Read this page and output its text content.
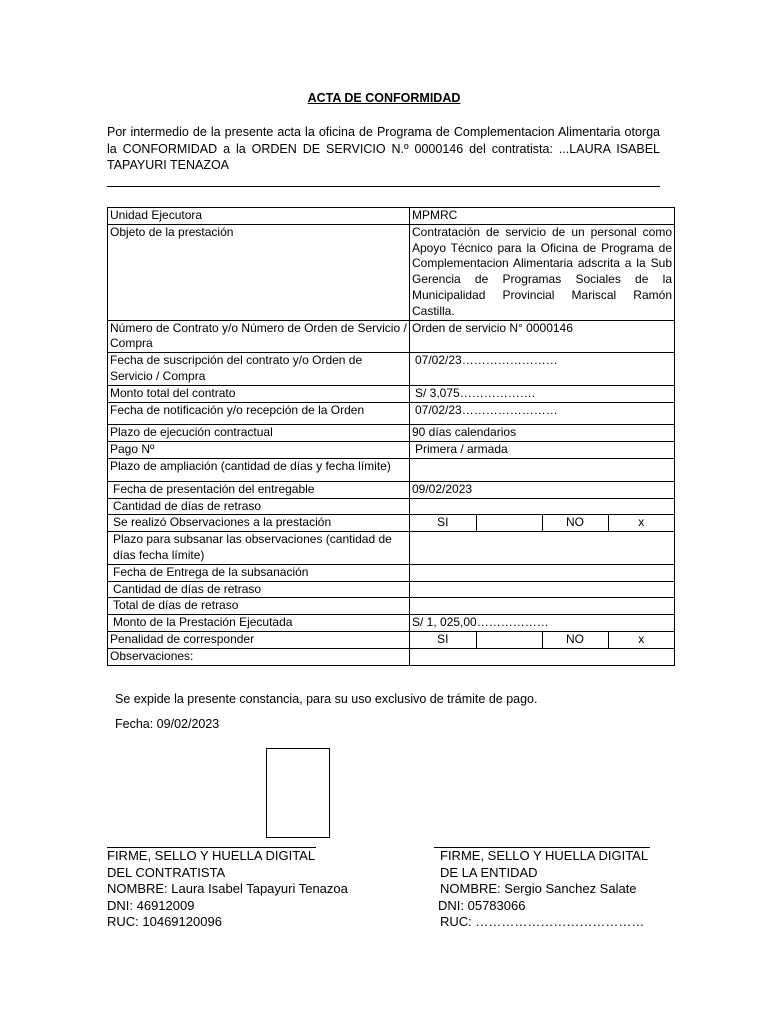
ACTA DE CONFORMIDAD
Por intermedio de la presente acta la oficina de Programa de Complementacion Alimentaria otorga la CONFORMIDAD a la ORDEN DE SERVICIO N.º 0000146 del contratista: ...LAURA ISABEL TAPAYURI TENAZOA
Unidad Ejecutora	MPMRC
Objeto de la prestación	Contratación de servicio de un personal como Apoyo Técnico para la Oficina de Programa de Complementacion Alimentaria adscrita a la Sub Gerencia de Programas Sociales de la Municipalidad Provincial Mariscal Ramón Castilla.
Número de Contrato y/o Número de Orden de Servicio / Compra	Orden de servicio N° 0000146
Fecha de suscripción del contrato y/o Orden de Servicio / Compra	07/02/23……………………
Monto total del contrato	S/ 3,075……………….
Fecha de notificación y/o recepción de la Orden	07/02/23……………………
Plazo de ejecución contractual	90 días calendarios
Pago Nº	Primera / armada
Plazo de ampliación (cantidad de días y fecha límite)	
Fecha de presentación del entregable	09/02/2023
Cantidad de días de retraso	
Se realizó Observaciones a la prestación		SI		NO	x

Plazo para subsanar las observaciones (cantidad de días fecha límite)	
Fecha de Entrega de la subsanación	
Cantidad de días de retraso	
Total de días de retraso	
Monto de la Prestación Ejecutada	S/ 1, 025,00………………
Penalidad de corresponder		SI		NO	x

Observaciones:	
Se expide la presente constancia, para su uso exclusivo de trámite de pago.
Fecha: 09/02/2023
FIRME, SELLO Y HUELLA DIGITAL
DEL CONTRATISTA
NOMBRE: Laura Isabel Tapayuri Tenazoa
DNI: 46912009
RUC: 10469120096
FIRME, SELLO Y HUELLA DIGITAL
DE LA ENTIDAD
NOMBRE: Sergio Sanchez Salate
DNI: 05783066
RUC: …………………………………
